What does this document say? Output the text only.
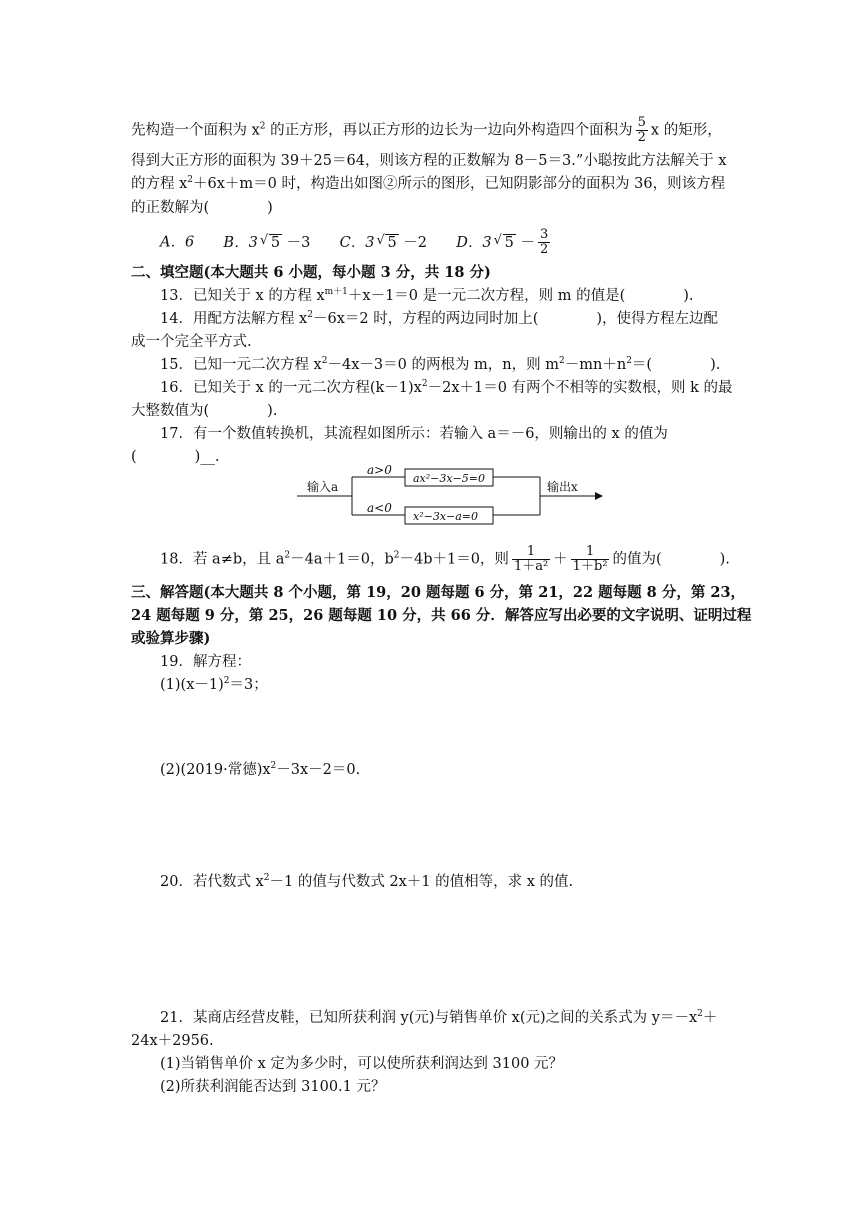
先构造一个面积为 $x^2$ 的正方形，再以正方形的边长为一边向外构造四个面积为 $\frac{5}{2}$ x 的矩形，
得到大正方形的面积为 39＋25＝64，则该方程的正数解为 8－5＝3.”小聪按此方法解关于 x
的方程 $x^2+6x+m=0$ 时，构造出如图②所示的图形，已知阴影部分的面积为 36，则该方程
的正数解为(　　　　)
A．6 B．3 √ 5 －3 C．3 √ 5 －2 D．3 √ $5 - \frac{3}{2}$
二、填空题(本大题共 6 小题，每小题 3 分，共 18 分)
13．已知关于 x 的方程 $x^{m+1}+x-1=0$ 是一元二次方程，则 m 的值是(　　　　).
14．用配方法解方程 $x^2-6x=2$ 时，方程的两边同时加上(　　　　)，使得方程左边配
成一个完全平方式.
15．已知一元二次方程 $x^2-4x-3=0$ 的两根为 m，n，则 $m^2-mn+n^2=$(　　　　).
16．已知关于 x 的一元二次方程$(k-1)x^2-2x+1=0$ 有两个不相等的实数根，则 k 的最
大整数值为(　　　　).
17．有一个数值转换机，其流程如图所示：若输入 a＝－6，则输出的 x 的值为
(　　　　)__.
输入a
a>0
a<0
ax²−3x−5=0
x²−3x−a=0
输出x
18．若 a≠b，且 $a^2-4a+1=0$，$b^2-4b+1=0$，则 $\frac{1}{\text{1＋a²}} + \frac{1}{\text{1＋b²}}$ 的值为(　　　　).
三、解答题(本大题共 8 个小题，第 19，20 题每题 6 分，第 21，22 题每题 8 分，第 23，
24 题每题 9 分，第 25，26 题每题 10 分，共 66 分．解答应写出必要的文字说明、证明过程
或验算步骤)
19．解方程：
$(1)(x-1)^2=3$；
(2)(2019·常德)$x^2-3x-2=0$.
20．若代数式 $x^2-1$ 的值与代数式 2x＋1 的值相等，求 x 的值.
21．某商店经营皮鞋，已知所获利润 y(元)与销售单价 x(元)之间的关系式为 $y=-x^2+$
24x＋2956.
(1)当销售单价 x 定为多少时，可以使所获利润达到 3100 元？
(2)所获利润能否达到 3100.1 元？
